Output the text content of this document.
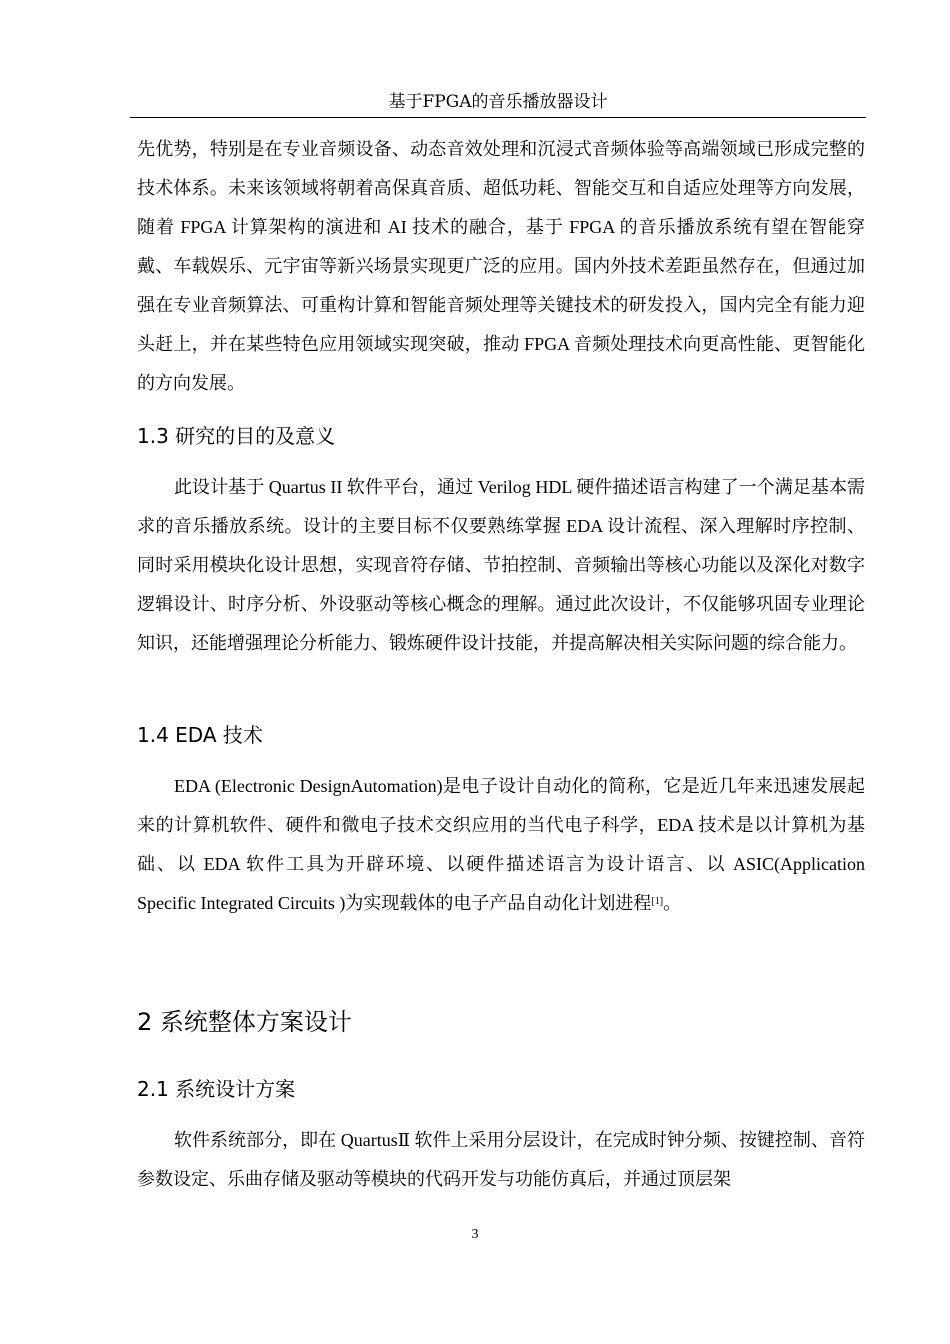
基于FPGA的音乐播放器设计

先优势，特别是在专业音频设备、动态音效处理和沉浸式音频体验等高端领域已形成完整的技术体系。未来该领域将朝着高保真音质、超低功耗、智能交互和自适应处理等方向发展，随着 FPGA 计算架构的演进和 AI 技术的融合，基于 FPGA 的音乐播放系统有望在智能穿戴、车载娱乐、元宇宙等新兴场景实现更广泛的应用。国内外技术差距虽然存在，但通过加强在专业音频算法、可重构计算和智能音频处理等关键技术的研发投入，国内完全有能力迎头赶上，并在某些特色应用领域实现突破，推动 FPGA 音频处理技术向更高性能、更智能化的方向发展。

1.3 研究的目的及意义

此设计基于 Quartus II 软件平台，通过 Verilog HDL 硬件描述语言构建了一个满足基本需求的音乐播放系统。设计的主要目标不仅要熟练掌握 EDA 设计流程、深入理解时序控制、同时采用模块化设计思想，实现音符存储、节拍控制、音频输出等核心功能以及深化对数字逻辑设计、时序分析、外设驱动等核心概念的理解。通过此次设计，不仅能够巩固专业理论知识，还能增强理论分析能力、锻炼硬件设计技能，并提高解决相关实际问题的综合能力。

1.4 EDA 技术

EDA (Electronic DesignAutomation)是电子设计自动化的简称，它是近几年来迅速发展起来的计算机软件、硬件和微电子技术交织应用的当代电子科学，EDA 技术是以计算机为基础、以 EDA 软件工具为开辟环境、以硬件描述语言为设计语言、以 ASIC(Application Specific Integrated Circuits )为实现载体的电子产品自动化计划进程[1]。

2 系统整体方案设计
2.1 系统设计方案

软件系统部分，即在 QuartusⅡ 软件上采用分层设计，在完成时钟分频、按键控制、音符参数设定、乐曲存储及驱动等模块的代码开发与功能仿真后，并通过顶层架

3
